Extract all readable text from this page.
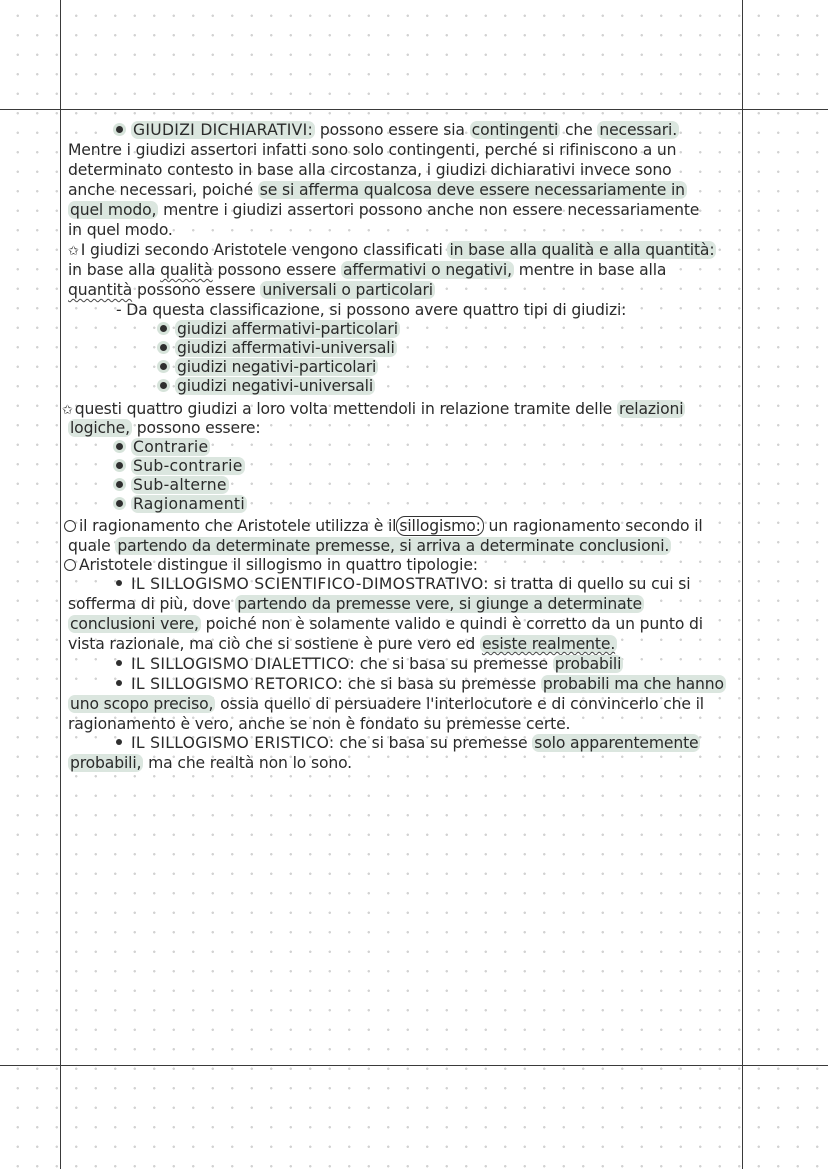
GIUDIZI DICHIARATIVI: possono essere sia contingenti che necessari.
Mentre i giudizi assertori infatti sono solo contingenti, perché si rifiniscono a un
determinato contesto in base alla circostanza, i giudizi dichiarativi invece sono
anche necessari, poiché se si afferma qualcosa deve essere necessariamente in
quel modo, mentre i giudizi assertori possono anche non essere necessariamente
in quel modo.
✩ I giudizi secondo Aristotele vengono classificati in base alla qualità e alla quantità:
in base alla qualità possono essere affermativi o negativi, mentre in base alla
quantità possono essere universali o particolari
- Da questa classificazione, si possono avere quattro tipi di giudizi:
giudizi affermativi-particolari
giudizi affermativi-universali
giudizi negativi-particolari
giudizi negativi-universali
✩ questi quattro giudizi a loro volta mettendoli in relazione tramite delle relazioni
logiche, possono essere:
Contrarie
Sub-contrarie
Sub-alterne
Ragionamenti
il ragionamento che Aristotele utilizza è il sillogismo: un ragionamento secondo il
quale partendo da determinate premesse, si arriva a determinate conclusioni.
Aristotele distingue il sillogismo in quattro tipologie:
IL SILLOGISMO SCIENTIFICO-DIMOSTRATIVO: si tratta di quello su cui si
sofferma di più, dove partendo da premesse vere, si giunge a determinate
conclusioni vere, poiché non è solamente valido e quindi è corretto da un punto di
vista razionale, ma ciò che si sostiene è pure vero ed esiste realmente.
IL SILLOGISMO DIALETTICO: che si basa su premesse probabili
IL SILLOGISMO RETORICO: che si basa su premesse probabili ma che hanno
uno scopo preciso, ossia quello di persuadere l'interlocutore e di convincerlo che il
ragionamento è vero, anche se non è fondato su premesse certe.
IL SILLOGISMO ERISTICO: che si basa su premesse solo apparentemente
probabili, ma che realtà non lo sono.
